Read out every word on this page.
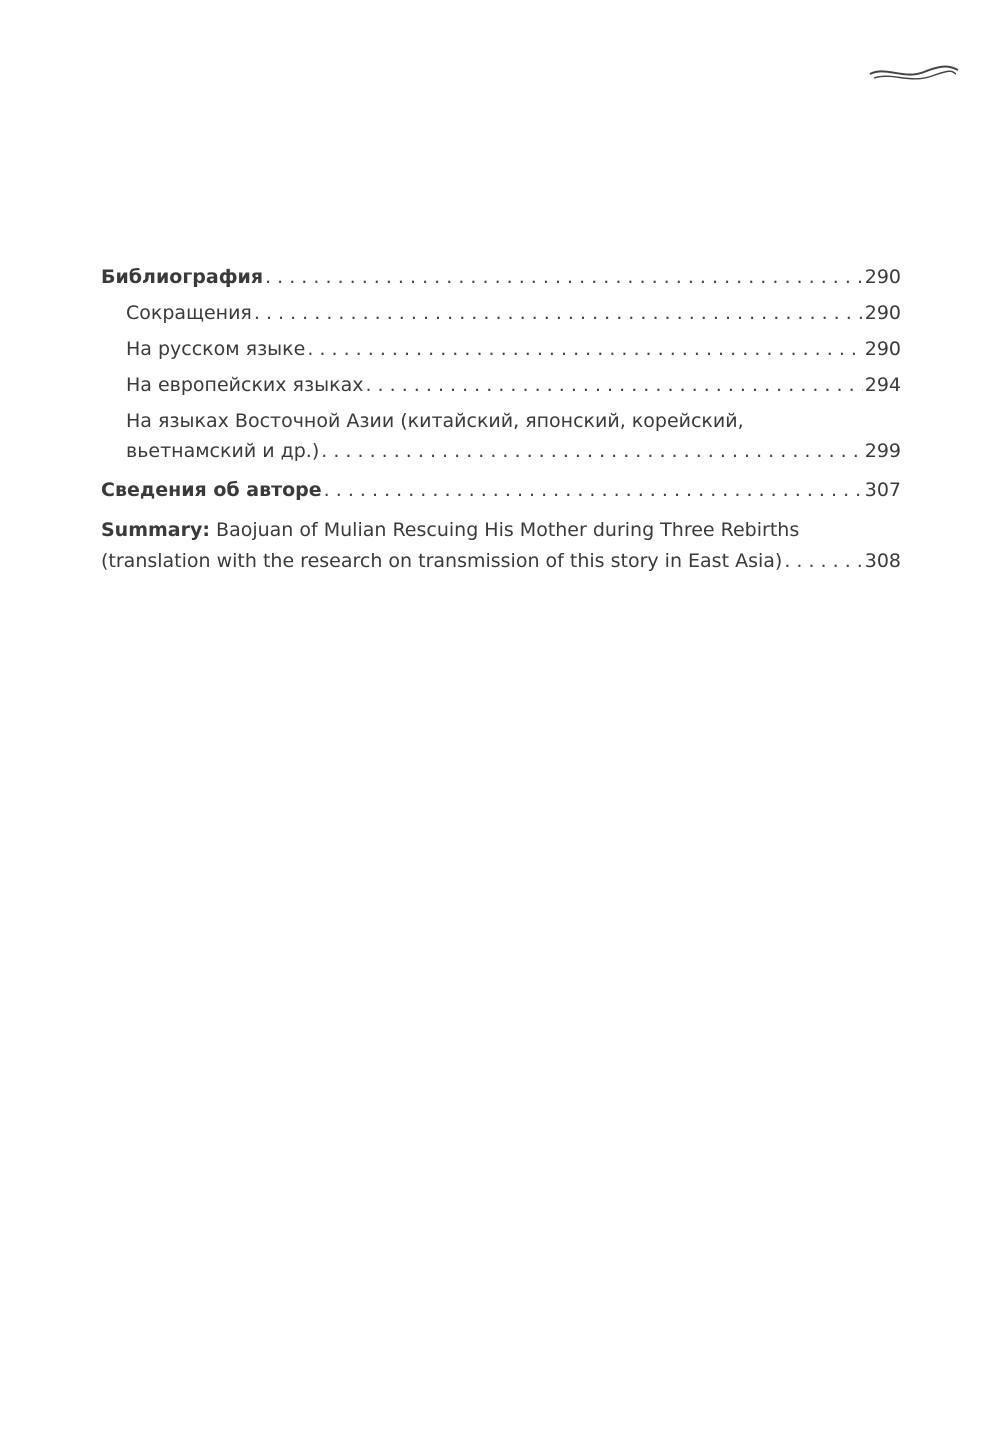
Библиография . . .	290
Сокращения . . .	290
На русском языке . . .	290
На европейских языках . . .	294
На языках Восточной Азии (китайский, японский, корейский,
вьетнамский и др.) . . .	299
Сведения об авторе . . .	307
Summary: Baojuan of Mulian Rescuing His Mother during Three Rebirths
(translation with the research on transmission of this story in East Asia) . . .	308
